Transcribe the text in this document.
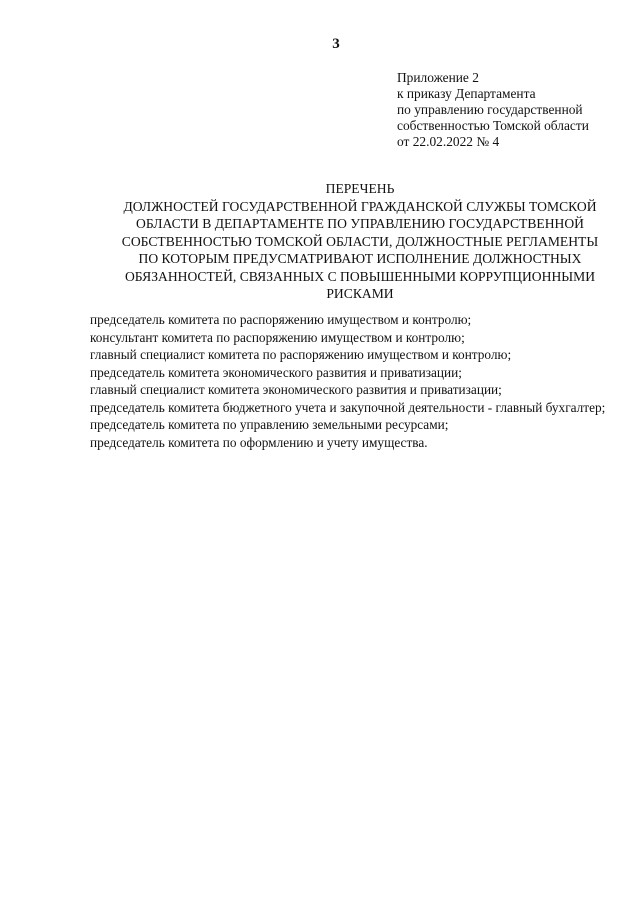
3
Приложение 2
к приказу Департамента
по управлению государственной
собственностью Томской области
от 22.02.2022 № 4
ПЕРЕЧЕНЬ
ДОЛЖНОСТЕЙ ГОСУДАРСТВЕННОЙ ГРАЖДАНСКОЙ СЛУЖБЫ ТОМСКОЙ
ОБЛАСТИ В ДЕПАРТАМЕНТЕ ПО УПРАВЛЕНИЮ ГОСУДАРСТВЕННОЙ
СОБСТВЕННОСТЬЮ ТОМСКОЙ ОБЛАСТИ, ДОЛЖНОСТНЫЕ РЕГЛАМЕНТЫ
ПО КОТОРЫМ ПРЕДУСМАТРИВАЮТ ИСПОЛНЕНИЕ ДОЛЖНОСТНЫХ
ОБЯЗАННОСТЕЙ, СВЯЗАННЫХ С ПОВЫШЕННЫМИ КОРРУПЦИОННЫМИ
РИСКАМИ
председатель комитета по распоряжению имуществом и контролю;
консультант комитета по распоряжению имуществом и контролю;
главный специалист комитета по распоряжению имуществом и контролю;
председатель комитета экономического развития и приватизации;
главный специалист комитета экономического развития и приватизации;
председатель комитета бюджетного учета и закупочной деятельности - главный бухгалтер;
председатель комитета по управлению земельными ресурсами;
председатель комитета по оформлению и учету имущества.
